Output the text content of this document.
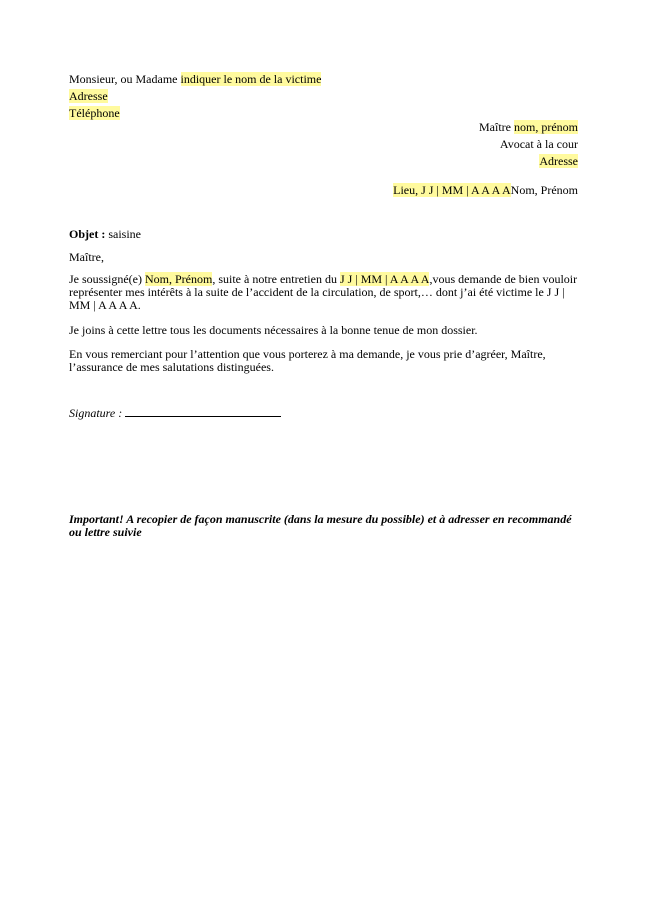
Monsieur, ou Madame indiquer le nom de la victime
Adresse
Téléphone
Maître nom, prénom
Avocat à la cour
Adresse
Lieu, J J | MM | A A A ANom, Prénom
Objet : saisine
Maître,
Je soussigné(e) Nom, Prénom, suite à notre entretien du J J | MM | A A A A,vous demande de bien vouloir représenter mes intérêts à la suite de l’accident de la circulation, de sport,… dont j’ai été victime le J J | MM | A A A A.
Je joins à cette lettre tous les documents nécessaires à la bonne tenue de mon dossier.
En vous remerciant pour l’attention que vous porterez à ma demande, je vous prie d’agréer, Maître, l’assurance de mes salutations distinguées.
Signature :
Important! A recopier de façon manuscrite (dans la mesure du possible) et à adresser en recommandé ou lettre suivie
